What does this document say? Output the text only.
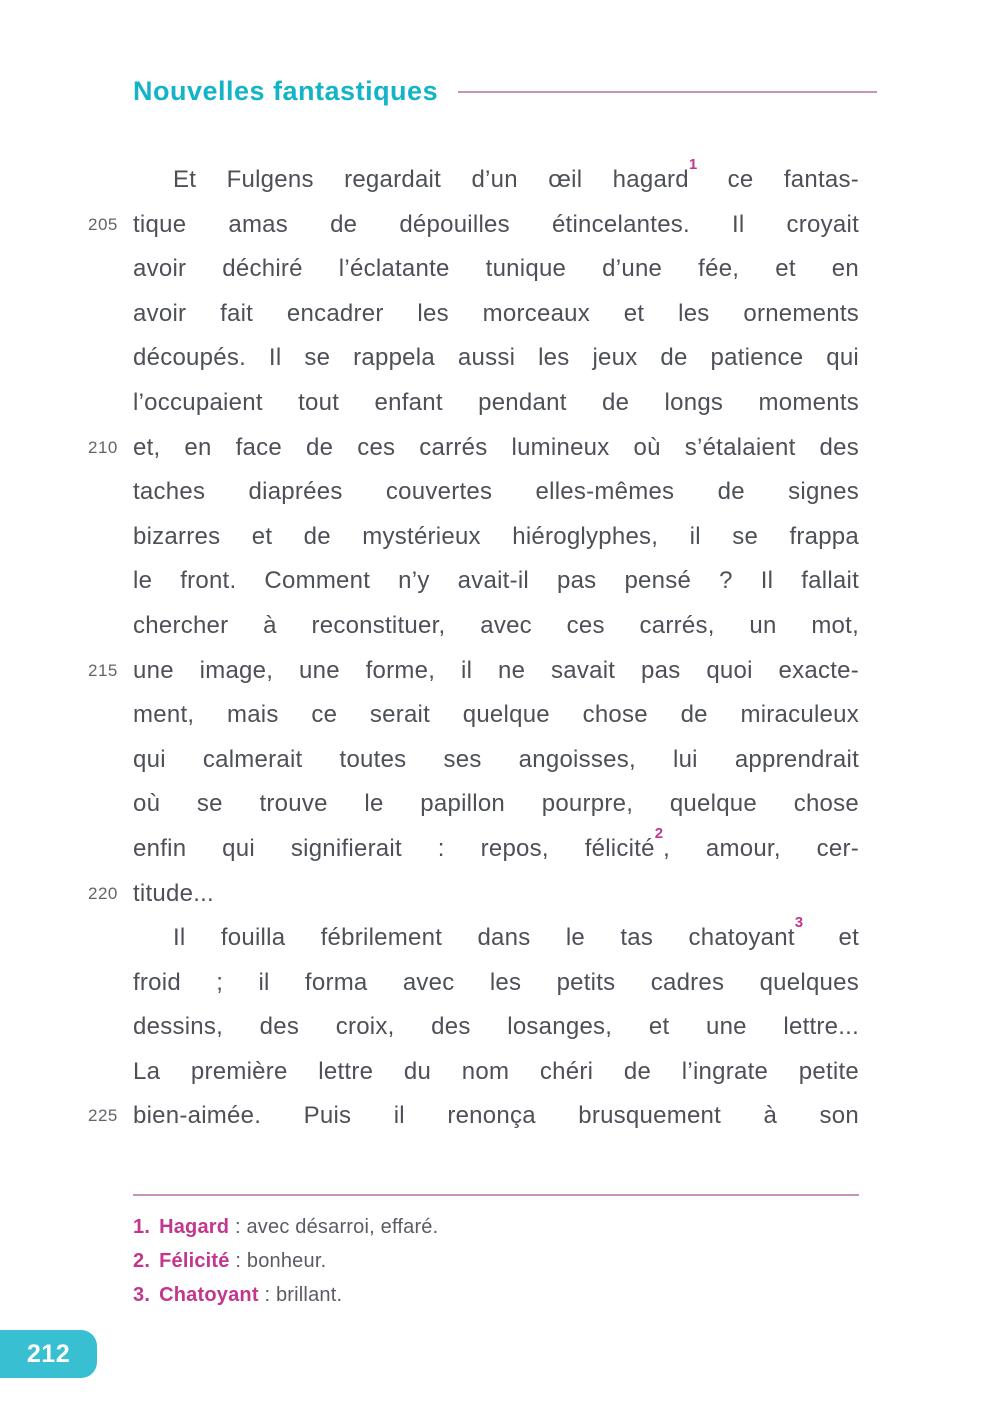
Nouvelles fantastiques
Et Fulgens regardait d’un œil hagard$^1$ ce fantas-
205 tique amas de dépouilles étincelantes. Il croyait
avoir déchiré l’éclatante tunique d’une fée, et en
avoir fait encadrer les morceaux et les ornements
découpés. Il se rappela aussi les jeux de patience qui
l’occupaient tout enfant pendant de longs moments
210 et, en face de ces carrés lumineux où s’étalaient des
taches diaprées couvertes elles-mêmes de signes
bizarres et de mystérieux hiéroglyphes, il se frappa
le front. Comment n’y avait-il pas pensé ? Il fallait
chercher à reconstituer, avec ces carrés, un mot,
215 une image, une forme, il ne savait pas quoi exacte-
ment, mais ce serait quelque chose de miraculeux
qui calmerait toutes ses angoisses, lui apprendrait
où se trouve le papillon pourpre, quelque chose
enfin qui signifierait : repos, félicité$^2$, amour, cer-
220 titude...
Il fouilla fébrilement dans le tas chatoyant$^3$ et
froid ; il forma avec les petits cadres quelques
dessins, des croix, des losanges, et une lettre...
La première lettre du nom chéri de l’ingrate petite
225 bien-aimée. Puis il renonça brusquement à son
1. Hagard : avec désarroi, effaré.
2. Félicité : bonheur.
3. Chatoyant : brillant.
212
